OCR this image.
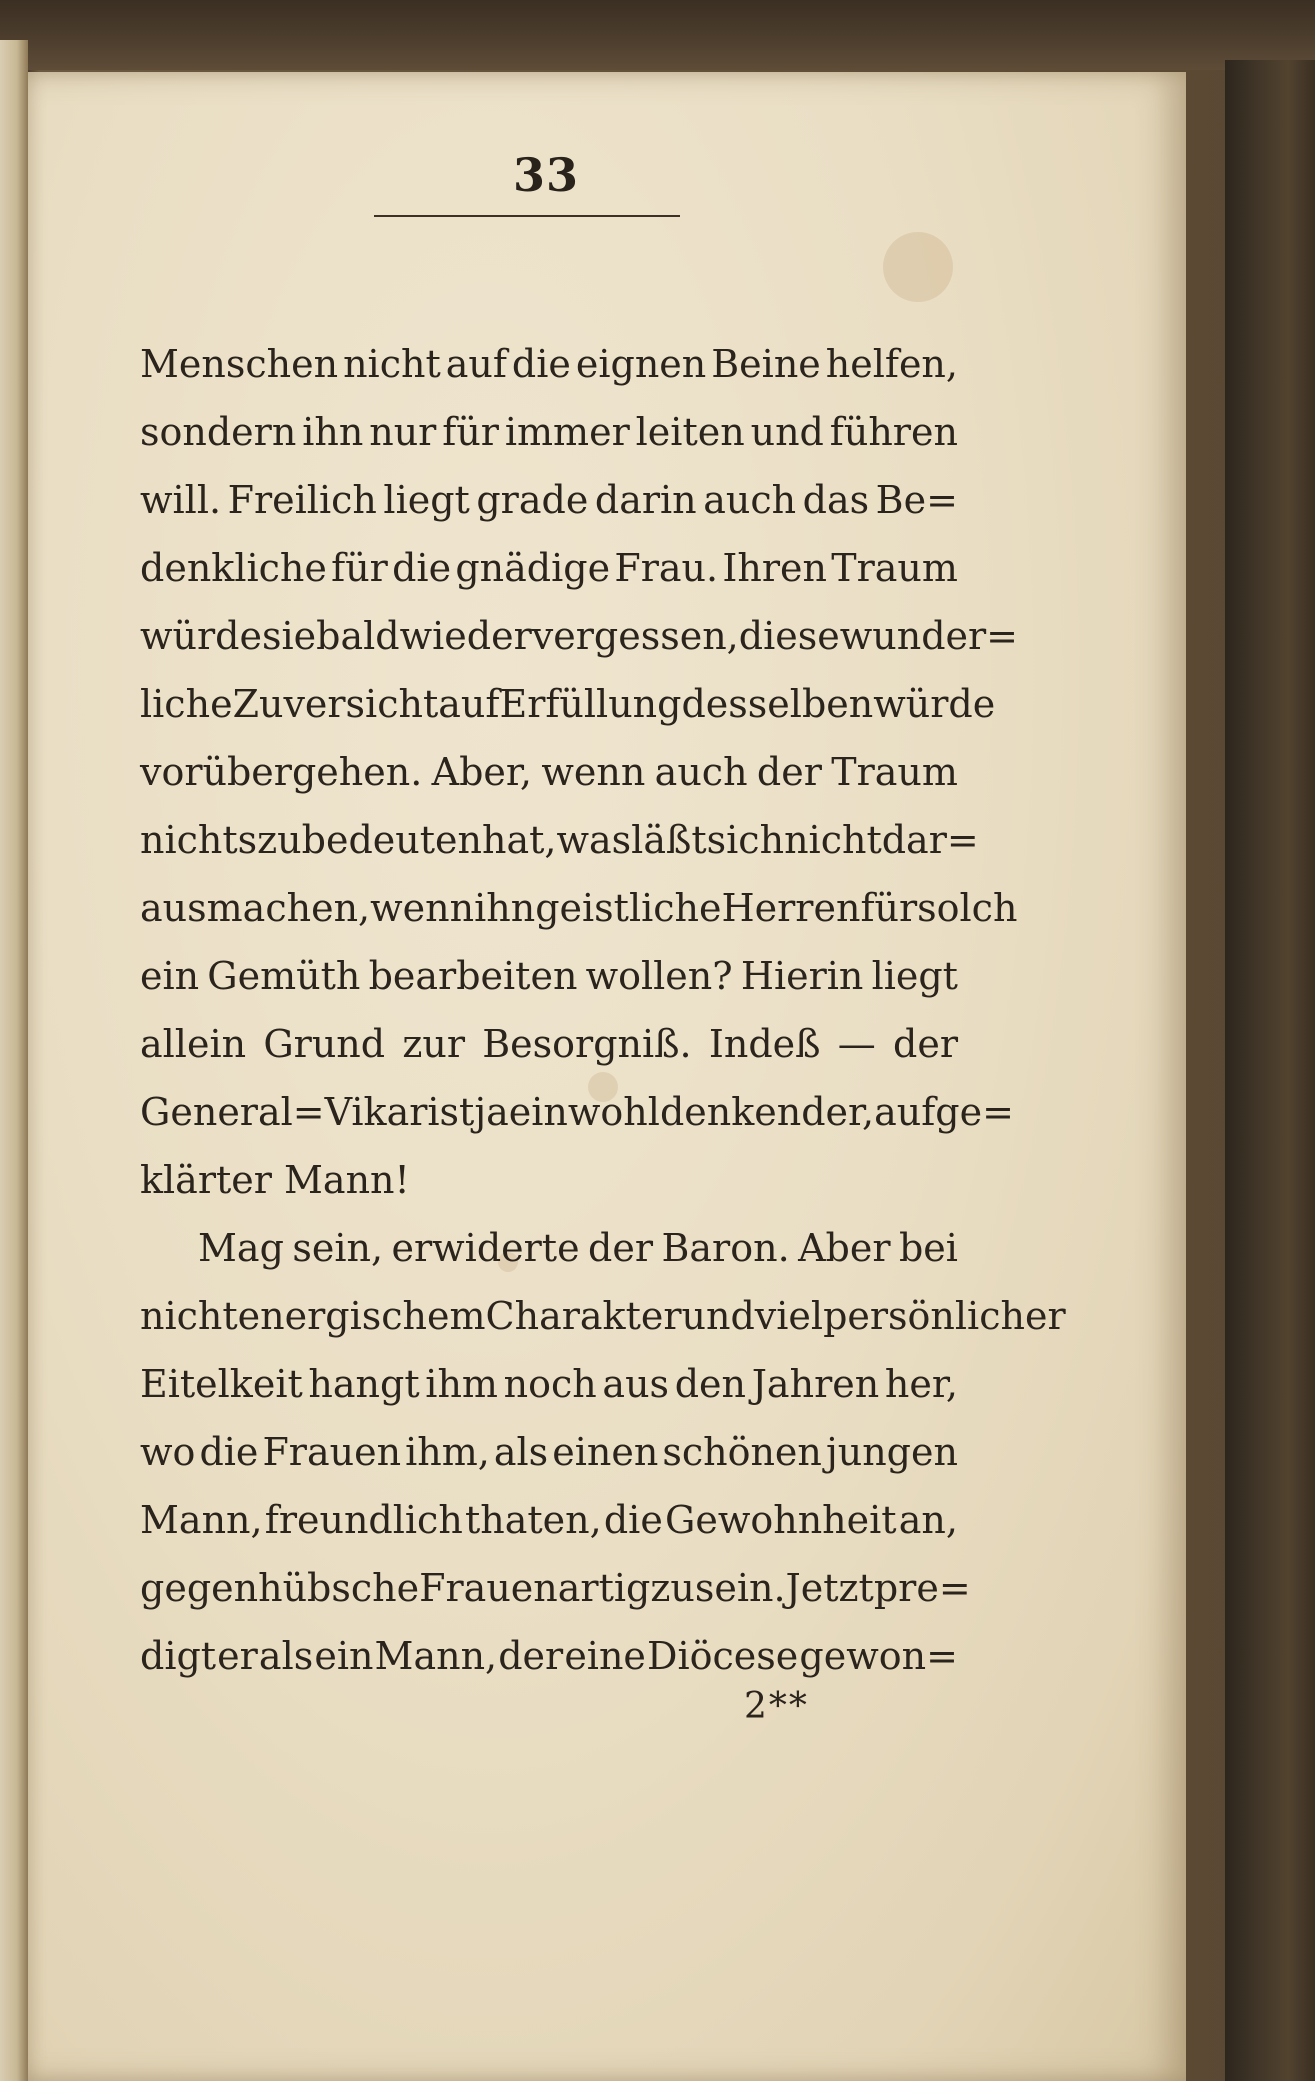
33
Menschen nicht auf die eignen Beine helfen,
sondern ihn nur für immer leiten und führen
will. Freilich liegt grade darin auch das Be=
denkliche für die gnädige Frau. Ihren Traum
würde sie bald wieder vergessen, diese wunder=
liche Zuversicht auf Erfüllung desselben würde
vorübergehen. Aber, wenn auch der Traum
nichts zu bedeuten hat, was läßt sich nicht dar=
aus machen, wenn ihn geistliche Herren für solch
ein Gemüth bearbeiten wollen? Hierin liegt
allein Grund zur Besorgniß. Indeß — der
General=Vikar ist ja ein wohldenkender, aufge=
klärter Mann!
Mag sein, erwiderte der Baron. Aber bei
nicht energischem Charakter und viel persönlicher
Eitelkeit hangt ihm noch aus den Jahren her,
wo die Frauen ihm, als einen schönen jungen
Mann, freundlich thaten, die Gewohnheit an,
gegen hübsche Frauen artig zu sein. Jetzt pre=
digt er als ein Mann, der eine Diöcese gewon=
2**
